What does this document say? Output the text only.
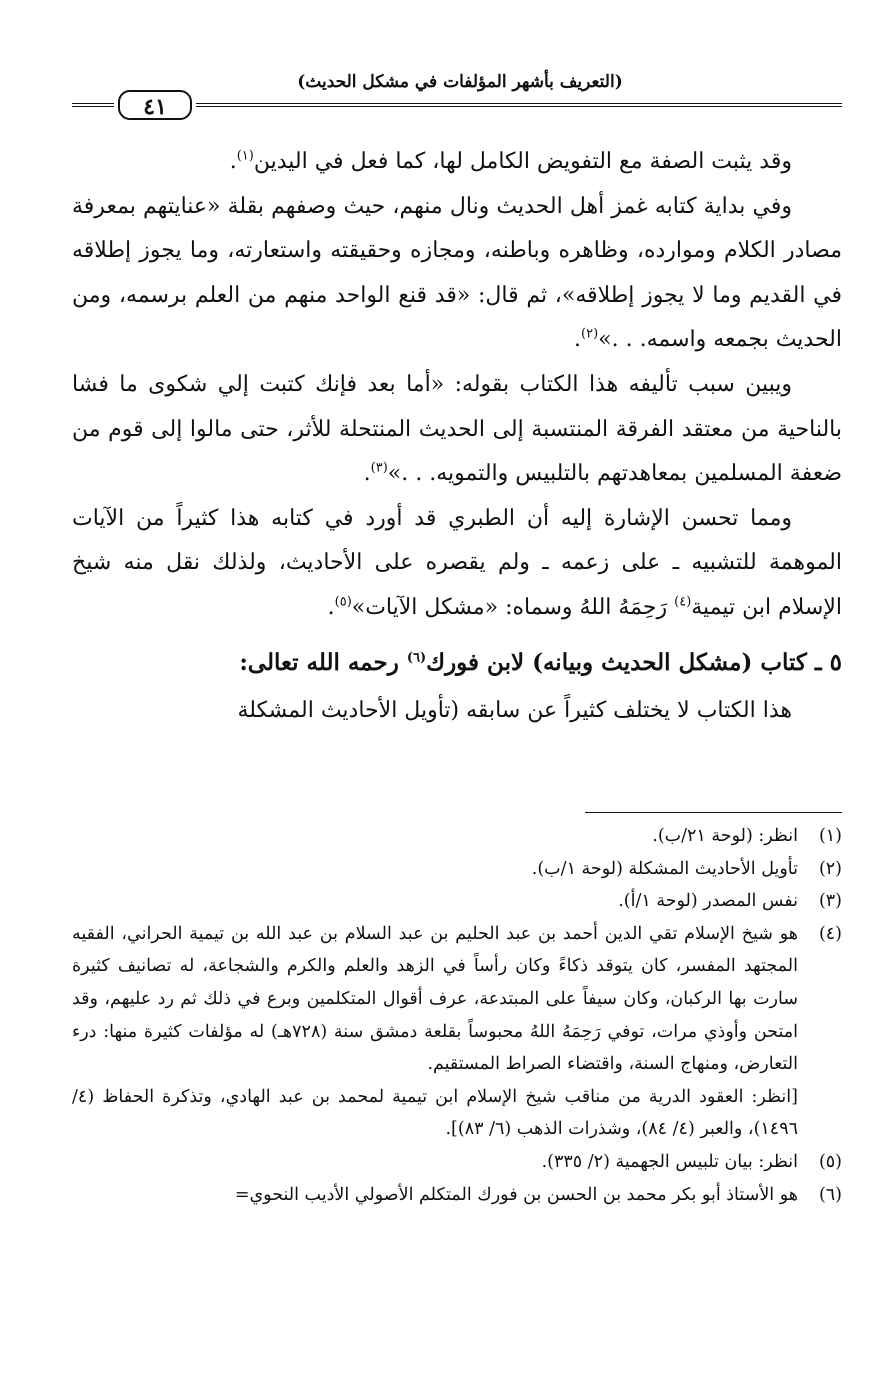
(التعريف بأشهر المؤلفات في مشكل الحديث)
٤١

وقد يثبت الصفة مع التفويض الكامل لها، كما فعل في اليدين$^{(١)}$.

وفي بداية كتابه غمز أهل الحديث ونال منهم، حيث وصفهم بقلة «عنايتهم بمعرفة مصادر الكلام وموارده، وظاهره وباطنه، ومجازه وحقيقته واستعارته، وما يجوز إطلاقه في القديم وما لا يجوز إطلاقه»، ثم قال: «قد قنع الواحد منهم من العلم برسمه، ومن الحديث بجمعه واسمه. . .»$^{(٢)}$.

ويبين سبب تأليفه هذا الكتاب بقوله: «أما بعد فإنك كتبت إلي شكوى ما فشا بالناحية من معتقد الفرقة المنتسبة إلى الحديث المنتحلة للأثر، حتى مالوا إلى قوم من ضعفة المسلمين بمعاهدتهم بالتلبيس والتمويه. . .»$^{(٣)}$.

ومما تحسن الإشارة إليه أن الطبري قد أورد في كتابه هذا كثيراً من الآيات الموهمة للتشبيه ـ على زعمه ـ ولم يقصره على الأحاديث، ولذلك نقل منه شيخ الإسلام ابن تيمية$^{(٤)}$ رَحِمَهُ اللهُ وسماه: «مشكل الآيات»$^{(٥)}$.

٥ ـ كتاب (مشكل الحديث وبيانه) لابن فورك$^{(٦)}$ رحمه الله تعالى:

هذا الكتاب لا يختلف كثيراً عن سابقه (تأويل الأحاديث المشكلة

(١)
انظر: (لوحة ٢١/ب).
(٢)
تأويل الأحاديث المشكلة (لوحة ١/ب).
(٣)
نفس المصدر (لوحة ١/أ).
(٤)

هو شيخ الإسلام تقي الدين أحمد بن عبد الحليم بن عبد السلام بن عبد الله بن تيمية الحراني، الفقيه المجتهد المفسر، كان يتوقد ذكاءً وكان رأساً في الزهد والعلم والكرم والشجاعة، له تصانيف كثيرة سارت بها الركبان، وكان سيفاً على المبتدعة، عرف أقوال المتكلمين وبرع في ذلك ثم رد عليهم، وقد امتحن وأوذي مرات، توفي رَحِمَهُ اللهُ محبوساً بقلعة دمشق سنة (٧٢٨هـ) له مؤلفات كثيرة منها: درء التعارض، ومنهاج السنة، واقتضاء الصراط المستقيم.

[انظر: العقود الدرية من مناقب شيخ الإسلام ابن تيمية لمحمد بن عبد الهادي، وتذكرة الحفاظ (٤/ ١٤٩٦)، والعبر (٤/ ٨٤)، وشذرات الذهب (٦/ ٨٣)].

(٥)
انظر: بيان تلبيس الجهمية (٢/ ٣٣٥).
(٦)
هو الأستاذ أبو بكر محمد بن الحسن بن فورك المتكلم الأصولي الأديب النحوي=
